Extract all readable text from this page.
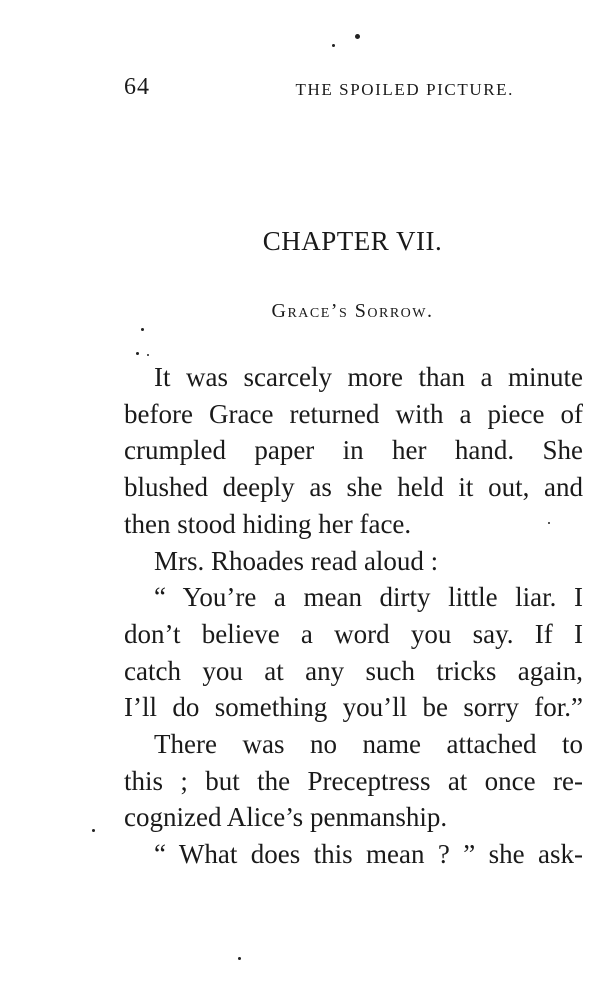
64	THE SPOILED PICTURE.
CHAPTER VII.
Grace’s Sorrow.
It was scarcely more than a minute
before Grace returned with a piece of
crumpled paper in her hand. She
blushed deeply as she held it out, and
then stood hiding her face.
Mrs. Rhoades read aloud :
“ You’re a mean dirty little liar. I
don’t believe a word you say. If I
catch you at any such tricks again,
I’ll do something you’ll be sorry for.”
There was no name attached to
this ; but the Preceptress at once re-
cognized Alice’s penmanship.
“ What does this mean ? ” she ask-
